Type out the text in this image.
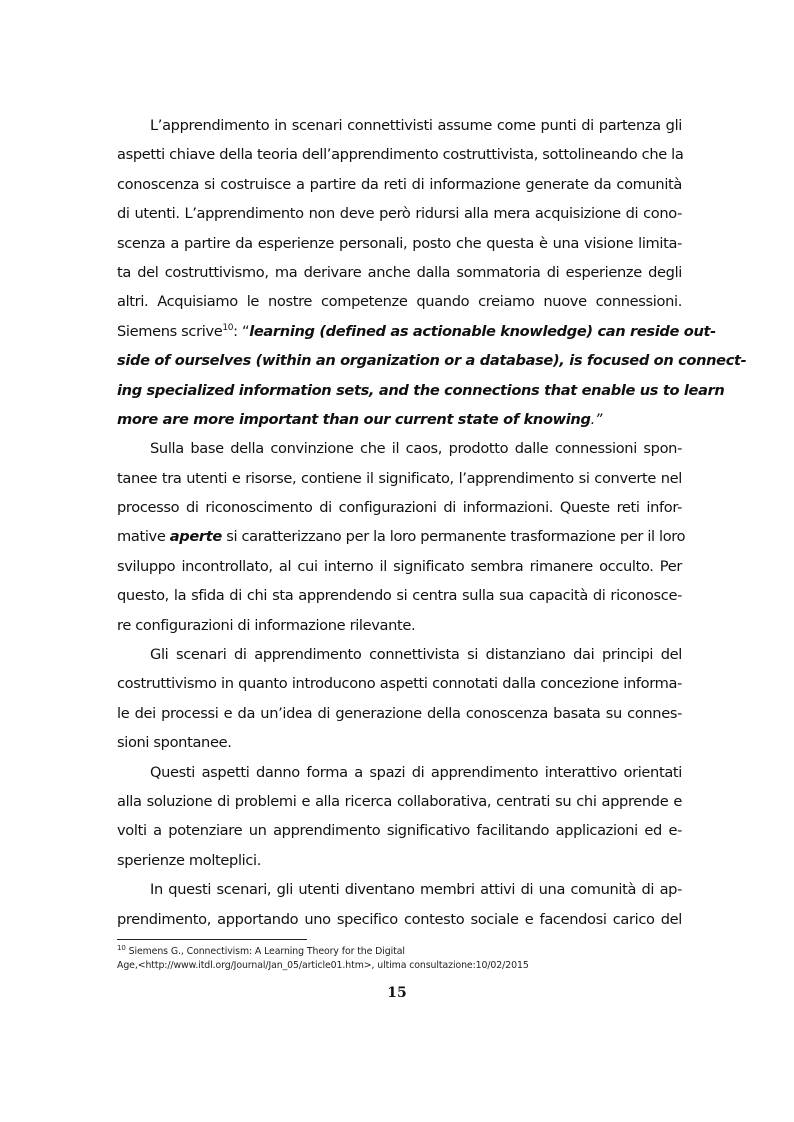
L’apprendimento in scenari connettivisti assume come punti di partenza gli
aspetti chiave della teoria dell’apprendimento costruttivista, sottolineando che la
conoscenza si costruisce a partire da reti di informazione generate da comunità
di utenti. L’apprendimento non deve però ridursi alla mera acquisizione di cono-
scenza a partire da esperienze personali, posto che questa è una visione limita-
ta del costruttivismo, ma derivare anche dalla sommatoria di esperienze degli
altri. Acquisiamo le nostre competenze quando creiamo nuove connessioni.
Siemens scrive$^{10}$: “learning (defined as actionable knowledge) can reside out-
side of ourselves (within an organization or a database), is focused on connect-
ing specialized information sets, and the connections that enable us to learn
more are more important than our current state of knowing.”
Sulla base della convinzione che il caos, prodotto dalle connessioni spon-
tanee tra utenti e risorse, contiene il significato, l’apprendimento si converte nel
processo di riconoscimento di configurazioni di informazioni. Queste reti infor-
mative aperte si caratterizzano per la loro permanente trasformazione per il loro
sviluppo incontrollato, al cui interno il significato sembra rimanere occulto. Per
questo, la sfida di chi sta apprendendo si centra sulla sua capacità di riconosce-
re configurazioni di informazione rilevante.
Gli scenari di apprendimento connettivista si distanziano dai principi del
costruttivismo in quanto introducono aspetti connotati dalla concezione informa-
le dei processi e da un’idea di generazione della conoscenza basata su connes-
sioni spontanee.
Questi aspetti danno forma a spazi di apprendimento interattivo orientati
alla soluzione di problemi e alla ricerca collaborativa, centrati su chi apprende e
volti a potenziare un apprendimento significativo facilitando applicazioni ed e-
sperienze molteplici.
In questi scenari, gli utenti diventano membri attivi di una comunità di ap-
prendimento, apportando uno specifico contesto sociale e facendosi carico del
$^{10}$ Siemens G., Connectivism: A Learning Theory for the Digital
Age,<http://www.itdl.org/Journal/Jan_05/article01.htm>, ultima consultazione:10/02/2015
15
